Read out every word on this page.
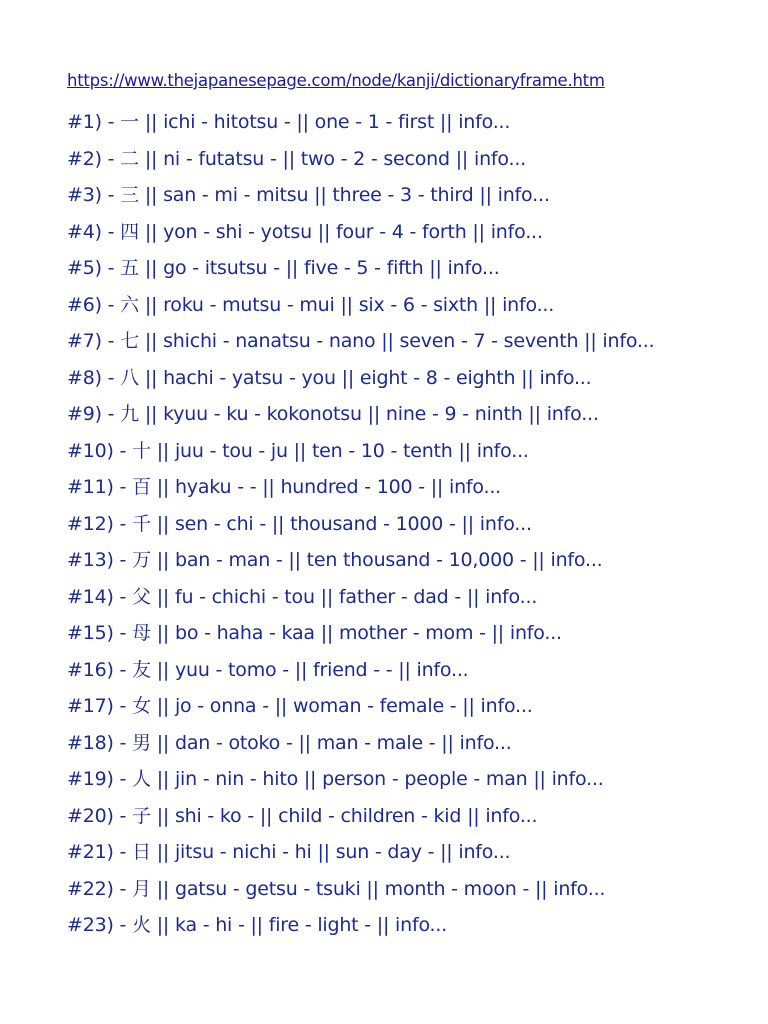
https://www.thejapanesepage.com/node/kanji/dictionaryframe.htm
#1) - 一 || ichi - hitotsu - || one - 1 - first || info...
#2) - 二 || ni - futatsu - || two - 2 - second || info...
#3) - 三 || san - mi - mitsu || three - 3 - third || info...
#4) - 四 || yon - shi - yotsu || four - 4 - forth || info...
#5) - 五 || go - itsutsu - || five - 5 - fifth || info...
#6) - 六 || roku - mutsu - mui || six - 6 - sixth || info...
#7) - 七 || shichi - nanatsu - nano || seven - 7 - seventh || info...
#8) - 八 || hachi - yatsu - you || eight - 8 - eighth || info...
#9) - 九 || kyuu - ku - kokonotsu || nine - 9 - ninth || info...
#10) - 十 || juu - tou - ju || ten - 10 - tenth || info...
#11) - 百 || hyaku - - || hundred - 100 - || info...
#12) - 千 || sen - chi - || thousand - 1000 - || info...
#13) - 万 || ban - man - || ten thousand - 10,000 - || info...
#14) - 父 || fu - chichi - tou || father - dad - || info...
#15) - 母 || bo - haha - kaa || mother - mom - || info...
#16) - 友 || yuu - tomo - || friend - - || info...
#17) - 女 || jo - onna - || woman - female - || info...
#18) - 男 || dan - otoko - || man - male - || info...
#19) - 人 || jin - nin - hito || person - people - man || info...
#20) - 子 || shi - ko - || child - children - kid || info...
#21) - 日 || jitsu - nichi - hi || sun - day - || info...
#22) - 月 || gatsu - getsu - tsuki || month - moon - || info...
#23) - 火 || ka - hi - || fire - light - || info...
